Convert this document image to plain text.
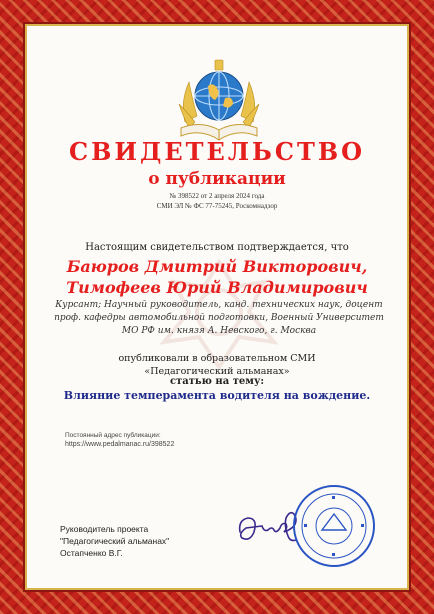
СВИДЕТЕЛЬСТВО
о публикации
№ 398522 от 2 апреля 2024 года
СМИ ЭЛ № ФС 77-75245, Роскомнадзор
Настоящим свидетельством подтверждается, что
Баюров Дмитрий Викторович,
Тимофеев Юрий Владимирович
Курсант; Научный руководитель, канд. технических наук, доцент
проф. кафедры автомобильной подготовки, Военный Университет
МО РФ им. князя А. Невского, г. Москва
опубликовали в образовательном СМИ
«Педагогический альманах»
статью на тему:
Влияние темперамента водителя на вождение.
Постоянный адрес публикации:
https://www.pedalmanac.ru/398522
Руководитель проекта
"Педагогический альманах"
Остапченко В.Г.
